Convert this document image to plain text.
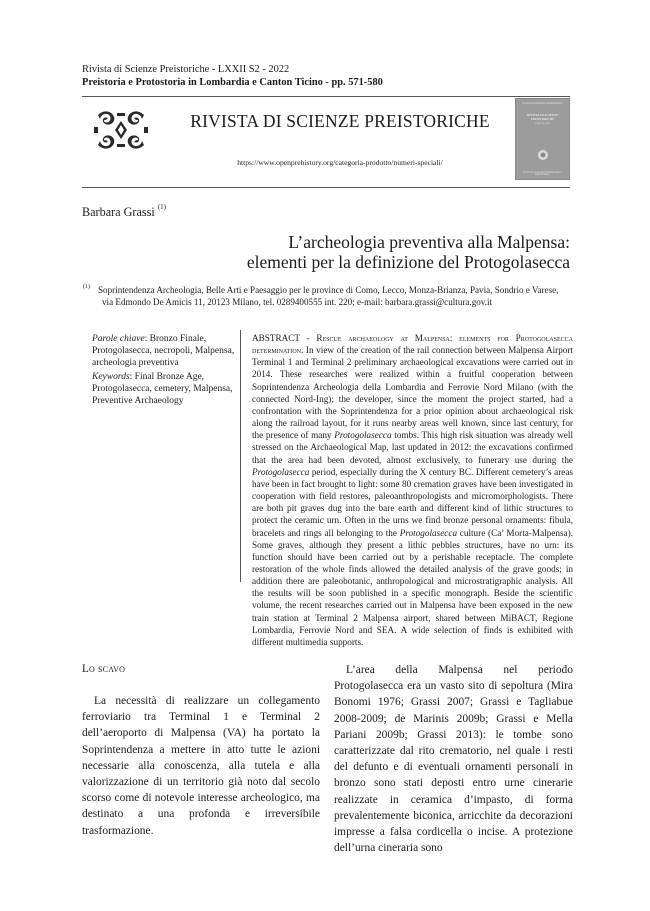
Rivista di Scienze Preistoriche - LXXII S2 - 2022
Preistoria e Protostoria in Lombardia e Canton Ticino - pp. 571-580
RIVISTA DI SCIENZE PREISTORICHE
https://www.openprehistory.org/categoria-prodotto/numeri-speciali/
RIVISTA DI SCIENZE PREISTORICHE
RIVISTA DI SCIENZE PREISTORICHE
LXXII S2 - 2022
ISTITUTO ITALIANO DI PREISTORIA E PROTOSTORIA
Barbara Grassi $^{(1)}$
L’archeologia preventiva alla Malpensa:
elementi per la definizione del Protogolasecca
(1) Soprintendenza Archeologia, Belle Arti e Paesaggio per le province di Como, Lecco, Monza-Brianza, Pavia, Sondrio e Varese,
via Edmondo De Amicis 11, 20123 Milano, tel. 0289400555 int. 220; e-mail: barbara.grassi@cultura.gov.it
Parole chiave: Bronzo Finale, Protogolasecca, necropoli, Malpensa, archeologia preventiva
Keywords: Final Bronze Age, Protogolasecca, cemetery, Malpensa, Preventive Archaeology
ABSTRACT - Rescue archaeology at Malpensa: elements for Protogolasecca determination. In view of the creation of the rail connection between Malpensa Airport Terminal 1 and Terminal 2 preliminary archaeological excavations were carried out in 2014. These researches were realized within a fruitful cooperation between Soprintendenza Archeologia della Lombardia and Ferrovie Nord Milano (with the connected Nord-Ing); the developer, since the moment the project started, had a confrontation with the Soprintendenza for a prior opinion about archaeological risk along the railroad layout, for it runs nearby areas well known, since last century, for the presence of many Protogolasecca tombs. This high risk situation was already well stressed on the Archaeological Map, last updated in 2012: the excavations confirmed that the area had been devoted, almost exclusively, to funerary use during the Protogolasecca period, especially during the X century BC. Different cemetery’s areas have been in fact brought to light: some 80 cremation graves have been investigated in cooperation with field restores, paleoanthropologists and micromorphologists. There are both pit graves dug into the bare earth and different kind of lithic structures to protect the ceramic urn. Often in the urns we find bronze personal ornaments: fibula, bracelets and rings all belonging to the Protogolasecca culture (Ca’ Morta-Malpensa). Some graves, although they present a lithic pebbles structures, have no urn: its function should have been carried out by a perishable receptacle. The complete restoration of the whole finds allowed the detailed analysis of the grave goods; in addition there are paleobotanic, anthropological and microstratigraphic analysis. All the results will be soon published in a specific monograph. Beside the scientific volume, the recent researches carried out in Malpensa have been exposed in the new train station at Terminal 2 Malpensa airport, shared between MiBACT, Regione Lombardia, Ferrovie Nord and SEA. A wide selection of finds is exhibited with different multimedia supports.
Lo scavo

La necessità di realizzare un collegamento ferroviario tra Terminal 1 e Terminal 2 dell’aeroporto di Malpensa (VA) ha portato la Soprintendenza a mettere in atto tutte le azioni necessarie alla conoscenza, alla tutela e alla valorizzazione di un territorio già noto dal secolo scorso come di notevole interesse archeologico, ma destinato a una profonda e irreversibile trasformazione.

L’area della Malpensa nel periodo Protogolasecca era un vasto sito di sepoltura (Mira Bonomi 1976; Grassi 2007; Grassi e Tagliabue 2008-2009; de Marinis 2009b; Grassi e Mella Pariani 2009b; Grassi 2013): le tombe sono caratterizzate dal rito crematorio, nel quale i resti del defunto e di eventuali ornamenti personali in bronzo sono stati deposti entro urne cinerarie realizzate in ceramica d’impasto, di forma prevalentemente biconica, arricchite da decorazioni impresse a falsa cordicella o incise. A protezione dell’urna cineraria sono
